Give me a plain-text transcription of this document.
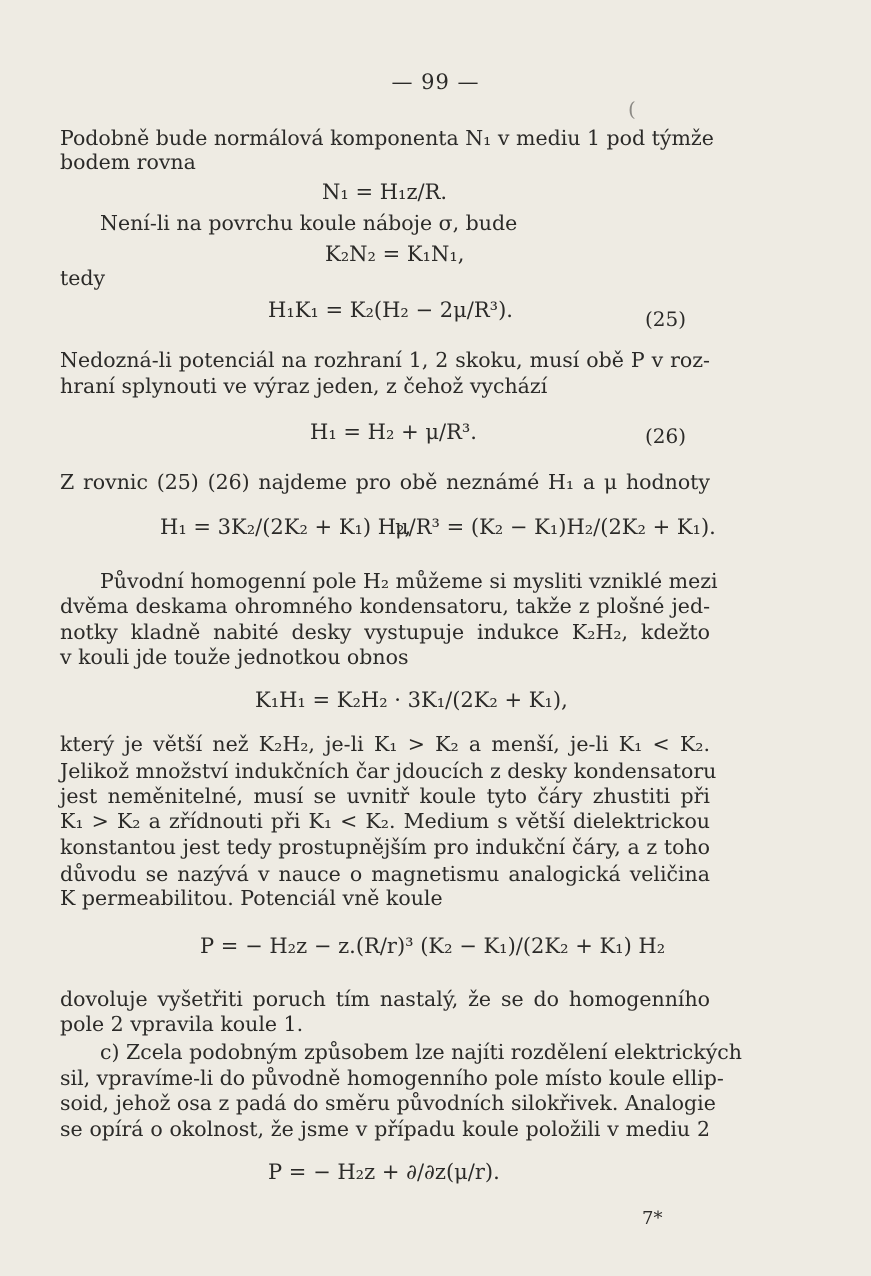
— 99 —
(
Podobně bude normálová komponenta N₁ v mediu 1 pod týmže
bodem rovna
N₁ = H₁z/R.
Není-li na povrchu koule náboje σ, bude
K₂N₂ = K₁N₁,
tedy
H₁K₁ = K₂(H₂ − 2μ/R³).	(25)
Nedozná-li potenciál na rozhraní 1, 2 skoku, musí obě P v roz-
hraní splynouti ve výraz jeden, z čehož vychází
H₁ = H₂ + μ/R³.	(26)
Z rovnic (25) (26) najdeme pro obě neznámé H₁ a μ hodnoty
H₁ = 3K₂/(2K₂ + K₁) H₂,
μ/R³ = (K₂ − K₁)H₂/(2K₂ + K₁).
Původní homogenní pole H₂ můžeme si mysliti vzniklé mezi
dvěma deskama ohromného kondensatoru, takže z plošné jed-
notky kladně nabité desky vystupuje indukce K₂H₂, kdežto
v kouli jde touže jednotkou obnos
K₁H₁ = K₂H₂ · 3K₁/(2K₂ + K₁),
který je větší než K₂H₂, je-li K₁ > K₂ a menší, je-li K₁ < K₂.
Jelikož množství indukčních čar jdoucích z desky kondensatoru
jest neměnitelné, musí se uvnitř koule tyto čáry zhustiti při
K₁ > K₂ a zřídnouti při K₁ < K₂. Medium s větší dielektrickou
konstantou jest tedy prostupnějším pro indukční čáry, a z toho
důvodu se nazývá v nauce o magnetismu analogická veličina
K permeabilitou. Potenciál vně koule
P = − H₂z − z.(R/r)³ (K₂ − K₁)/(2K₂ + K₁) H₂
dovoluje vyšetřiti poruch tím nastalý, že se do homogenního
pole 2 vpravila koule 1.
c) Zcela podobným způsobem lze najíti rozdělení elektrických
sil, vpravíme-li do původně homogenního pole místo koule ellip-
soid, jehož osa z padá do směru původních silokřivek. Analogie
se opírá o okolnost, že jsme v případu koule položili v mediu 2
P = − H₂z + ∂/∂z(μ/r).
7*
